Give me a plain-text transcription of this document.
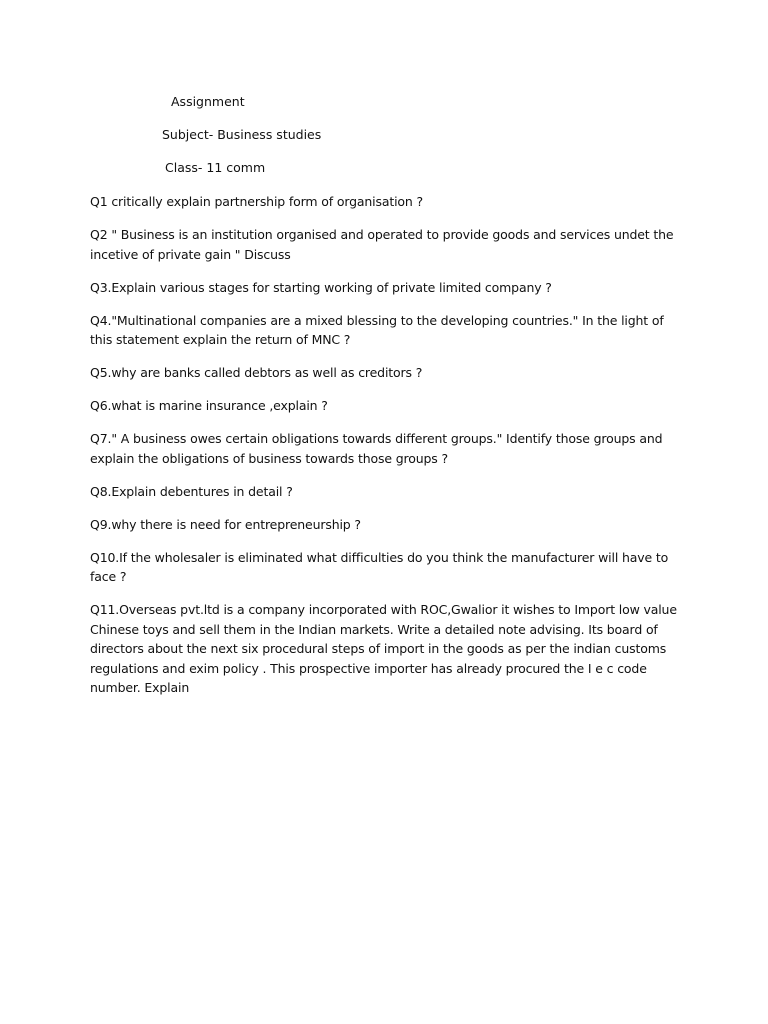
Assignment
Subject- Business studies
Class- 11 comm

Q1 critically explain partnership form of organisation ?

Q2 " Business is an institution organised and operated to provide goods and services undet the incetive of private gain " Discuss

Q3.Explain various stages for starting working of private limited company ?

Q4."Multinational companies are a mixed blessing to the developing countries." In the light of this statement explain the return of MNC ?

Q5.why are banks called debtors as well as creditors ?

Q6.what is marine insurance ,explain ?

Q7." A business owes certain obligations towards different groups." Identify those groups and explain the obligations of business towards those groups ?

Q8.Explain debentures in detail ?

Q9.why there is need for entrepreneurship ?

Q10.If the wholesaler is eliminated what difficulties do you think the manufacturer will have to face ?

Q11.Overseas pvt.ltd is a company incorporated with ROC,Gwalior it wishes to Import low value Chinese toys and sell them in the Indian markets. Write a detailed note advising. Its board of directors about the next six procedural steps of import in the goods as per the indian customs regulations and exim policy . This prospective importer has already procured the I e c code number. Explain
